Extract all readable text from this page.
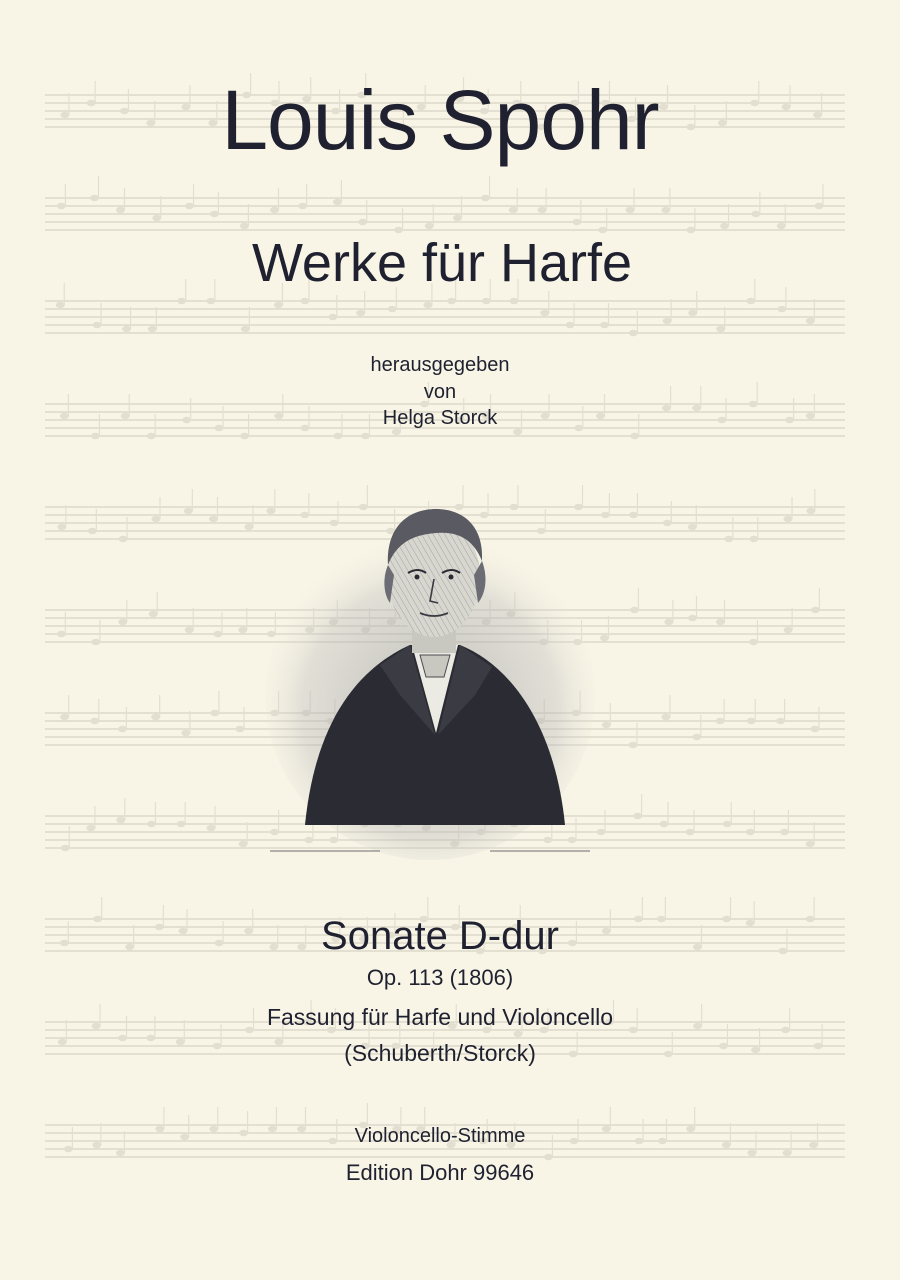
Louis Spohr
Werke für Harfe
herausgegeben
von
Helga Storck
Sonate D-dur
Op. 113 (1806)
Fassung für Harfe und Violoncello
(Schuberth/Storck)
Violoncello-Stimme
Edition Dohr 99646
